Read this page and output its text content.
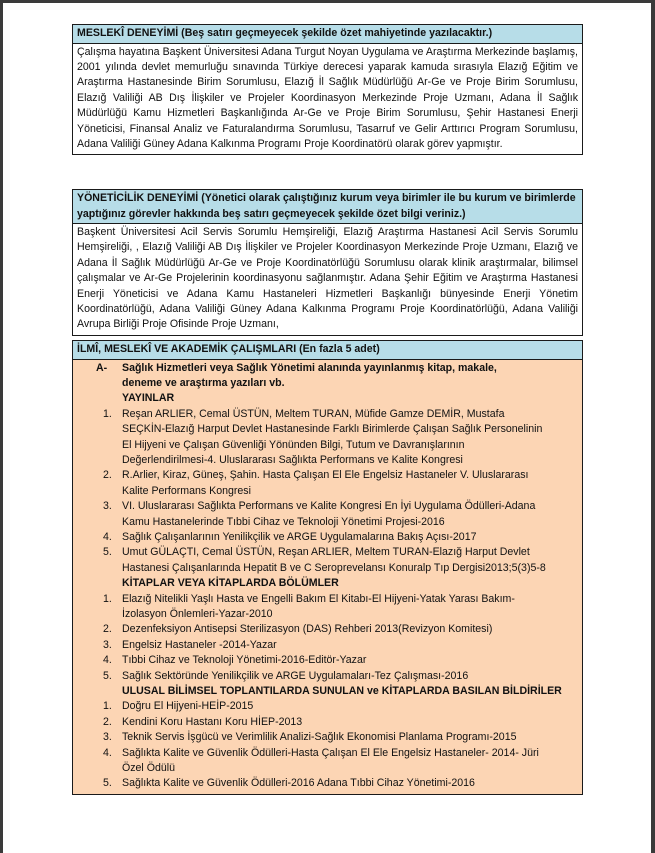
MESLEKÎ DENEYİMİ (Beş satırı geçmeyecek şekilde özet mahiyetinde yazılacaktır.)
Çalışma hayatına Başkent Üniversitesi Adana Turgut Noyan Uygulama ve Araştırma Merkezinde başlamış, 2001 yılında devlet memurluğu sınavında Türkiye derecesi yaparak kamuda sırasıyla Elazığ Eğitim ve Araştırma Hastanesinde Birim Sorumlusu, Elazığ İl Sağlık Müdürlüğü Ar-Ge ve Proje Birim Sorumlusu, Elazığ Valiliği AB Dış İlişkiler ve Projeler Koordinasyon Merkezinde Proje Uzmanı, Adana İl Sağlık Müdürlüğü Kamu Hizmetleri Başkanlığında Ar-Ge ve Proje Birim Sorumlusu, Şehir Hastanesi Enerji Yöneticisi, Finansal Analiz ve Faturalandırma Sorumlusu, Tasarruf ve Gelir Arttırıcı Program Sorumlusu, Adana Valiliği Güney Adana Kalkınma Programı Proje Koordinatörü olarak görev yapmıştır.
YÖNETİCİLİK DENEYİMİ (Yönetici olarak çalıştığınız kurum veya birimler ile bu kurum ve birimlerde yaptığınız görevler hakkında beş satırı geçmeyecek şekilde özet bilgi veriniz.)
Başkent Üniversitesi Acil Servis Sorumlu Hemşireliği, Elazığ Araştırma Hastanesi Acil Servis Sorumlu Hemşireliği, , Elazığ Valiliği AB Dış İlişkiler ve Projeler Koordinasyon Merkezinde Proje Uzmanı, Elazığ ve Adana İl Sağlık Müdürlüğü Ar-Ge ve Proje Koordinatörlüğü Sorumlusu olarak klinik araştırmalar, bilimsel çalışmalar ve Ar-Ge Projelerinin koordinasyonu sağlanmıştır. Adana Şehir Eğitim ve Araştırma Hastanesi Enerji Yöneticisi ve Adana Kamu Hastaneleri Hizmetleri Başkanlığı bünyesinde Enerji Yönetim Koordinatörlüğü, Adana Valiliği Güney Adana Kalkınma Programı Proje Koordinatörlüğü, Adana Valiliği Avrupa Birliği Proje Ofisinde Proje Uzmanı,
İLMÎ, MESLEKÎ VE AKADEMİK ÇALIŞMLARI (En fazla 5 adet)
A-	Sağlık Hizmetleri veya Sağlık Yönetimi alanında yayınlanmış kitap, makale, deneme ve araştırma yazıları vb.
YAYINLAR
1. Reşan ARLIER, Cemal ÜSTÜN, Meltem TURAN, Müfide Gamze DEMİR, Mustafa SEÇKİN-Elazığ Harput Devlet Hastanesinde Farklı Birimlerde Çalışan Sağlık Personelinin El Hijyeni ve Çalışan Güvenliği Yönünden Bilgi, Tutum ve Davranışlarının Değerlendirilmesi-4. Uluslararası Sağlıkta Performans ve Kalite Kongresi
2. R.Arlier, Kiraz, Güneş, Şahin. Hasta Çalışan El Ele Engelsiz Hastaneler V. Uluslararası Kalite Performans Kongresi
3. VI. Uluslararası Sağlıkta Performans ve Kalite Kongresi En İyi Uygulama Ödülleri-Adana Kamu Hastanelerinde Tıbbi Cihaz ve Teknoloji Yönetimi Projesi-2016
4. Sağlık Çalışanlarının Yenilikçilik ve ARGE Uygulamalarına Bakış Açısı-2017
5. Umut GÜLAÇTI, Cemal ÜSTÜN, Reşan ARLIER, Meltem TURAN-Elazığ Harput Devlet Hastanesi Çalışanlarında Hepatit B ve C Seroprevelansı Konuralp Tıp Dergisi2013;5(3)5-8
KİTAPLAR VEYA KİTAPLARDA BÖLÜMLER
1. Elazığ Nitelikli Yaşlı Hasta ve Engelli Bakım El Kitabı-El Hijyeni-Yatak Yarası Bakım-İzolasyon Önlemleri-Yazar-2010
2. Dezenfeksiyon Antisepsi Sterilizasyon (DAS) Rehberi 2013(Revizyon Komitesi)
3. Engelsiz Hastaneler -2014-Yazar
4. Tıbbi Cihaz ve Teknoloji Yönetimi-2016-Editör-Yazar
5. Sağlık Sektöründe Yenilikçilik ve ARGE Uygulamaları-Tez Çalışması-2016
ULUSAL BİLİMSEL TOPLANTILARDA SUNULAN ve KİTAPLARDA BASILAN BİLDİRİLER
1. Doğru El Hijyeni-HEİP-2015
2. Kendini Koru Hastanı Koru HİEP-2013
3. Teknik Servis İşgücü ve Verimlilik Analizi-Sağlık Ekonomisi Planlama Programı-2015
4. Sağlıkta Kalite ve Güvenlik Ödülleri-Hasta Çalışan El Ele Engelsiz Hastaneler- 2014- Jüri Özel Ödülü
5. Sağlıkta Kalite ve Güvenlik Ödülleri-2016 Adana Tıbbi Cihaz Yönetimi-2016
